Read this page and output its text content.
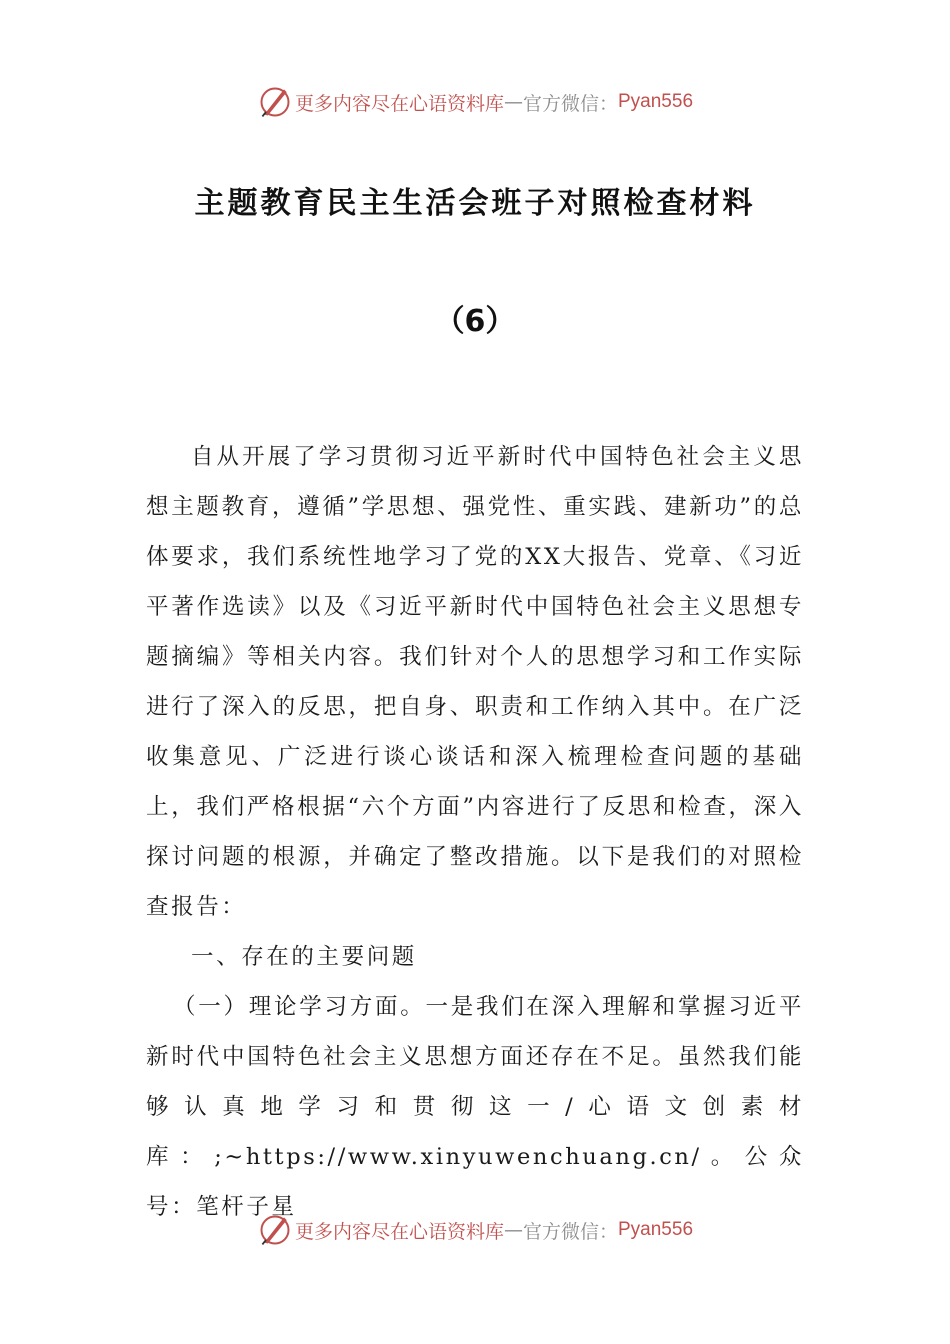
更多内容尽在心语资料库 — 官方微信： Pyan556
主题教育民主生活会班子对照检查材料
（6）

自从开展了学习贯彻习近平新时代中国特色社会主义思想主题教育，遵循”学思想、强党性、重实践、建新功”的总体要求，我们系统性地学习了党的XX大报告、党章、《习近平著作选读》以及《习近平新时代中国特色社会主义思想专题摘编》等相关内容。我们针对个人的思想学习和工作实际进行了深入的反思，把自身、职责和工作纳入其中。在广泛收集意见、广泛进行谈心谈话和深入梳理检查问题的基础上，我们严格根据“六个方面”内容进行了反思和检查，深入探讨问题的根源，并确定了整改措施。以下是我们的对照检查报告：

一、存在的主要问题

（一）理论学习方面。一是我们在深入理解和掌握习近平新时代中国特色社会主义思想方面还存在不足。虽然我们能够认真地学习和贯彻这一/心语文创素材库：;~https://www.xinyuwenchuang.cn/。公众号：笔杆子星

更多内容尽在心语资料库 — 官方微信： Pyan556
